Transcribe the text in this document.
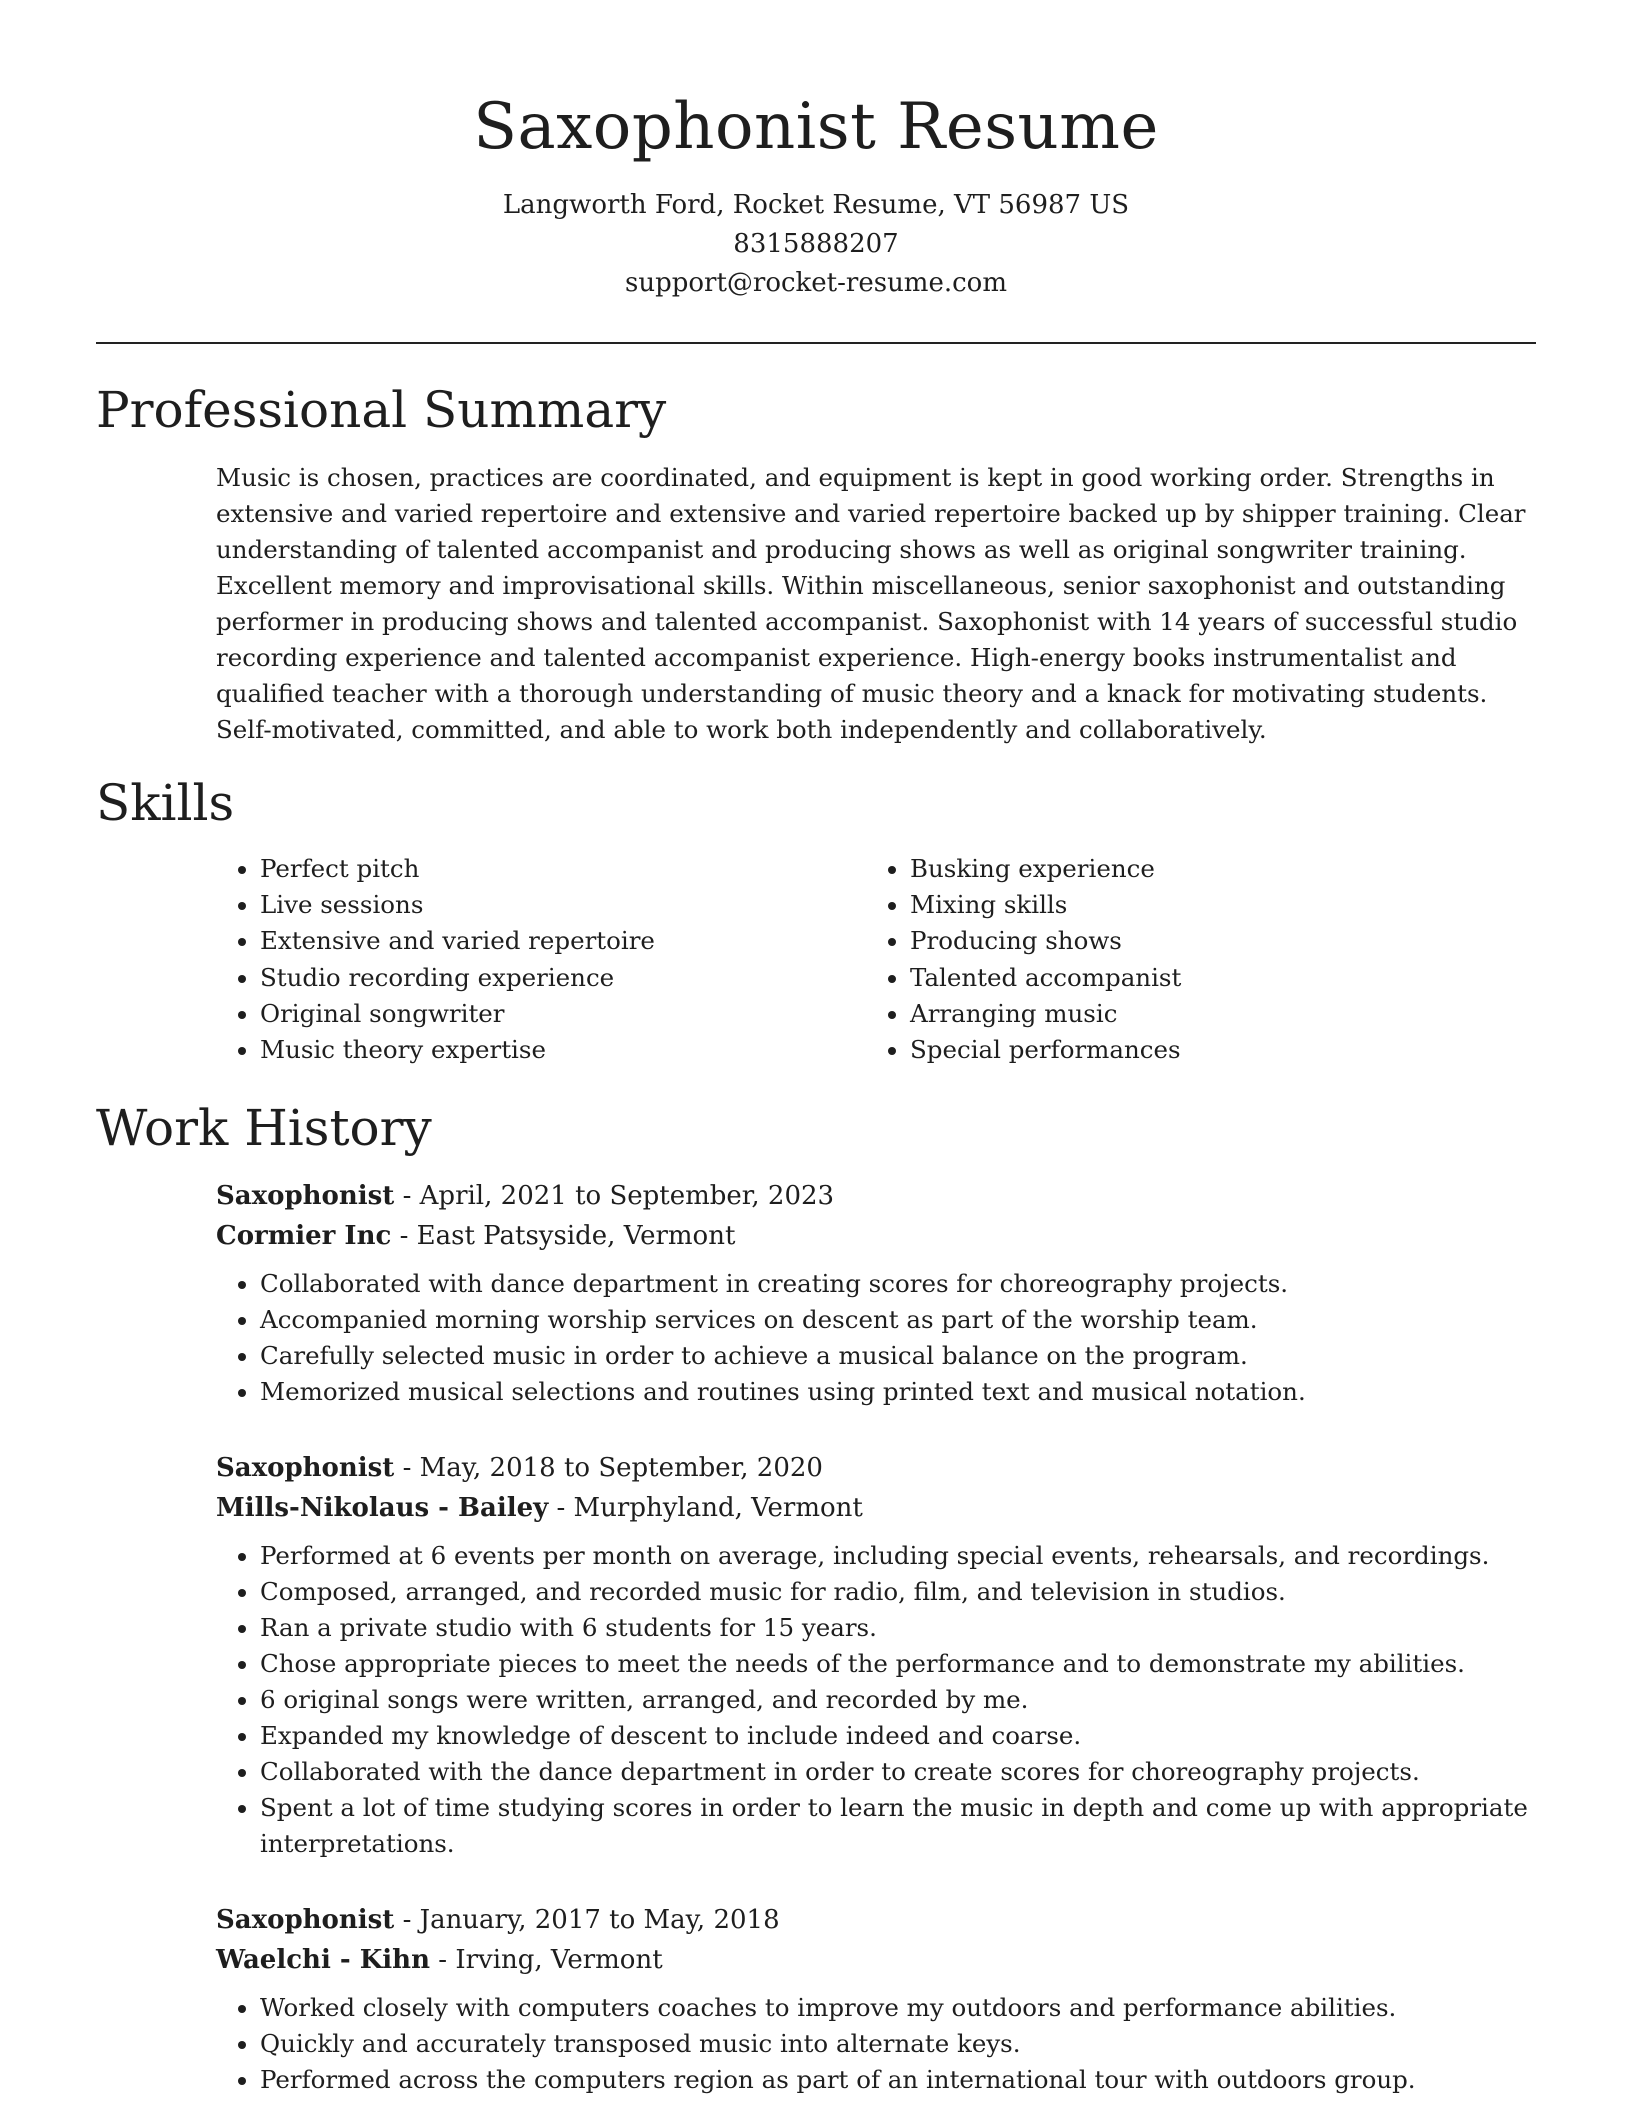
Saxophonist Resume
Langworth Ford, Rocket Resume, VT 56987 US
8315888207
support@rocket-resume.com
Professional Summary

Music is chosen, practices are coordinated, and equipment is kept in good working order. Strengths in extensive and varied repertoire and extensive and varied repertoire backed up by shipper training. Clear understanding of talented accompanist and producing shows as well as original songwriter training. Excellent memory and improvisational skills. Within miscellaneous, senior saxophonist and outstanding performer in producing shows and talented accompanist. Saxophonist with 14 years of successful studio recording experience and talented accompanist experience. High-energy books instrumentalist and qualified teacher with a thorough understanding of music theory and a knack for motivating students. Self-motivated, committed, and able to work both independently and collaboratively.

Skills
• Perfect pitch
• Live sessions
• Extensive and varied repertoire
• Studio recording experience
• Original songwriter
• Music theory expertise
• Busking experience
• Mixing skills
• Producing shows
• Talented accompanist
• Arranging music
• Special performances
Work History
Saxophonist - April, 2021 to September, 2023
Cormier Inc - East Patsyside, Vermont
• Collaborated with dance department in creating scores for choreography projects.
• Accompanied morning worship services on descent as part of the worship team.
• Carefully selected music in order to achieve a musical balance on the program.
• Memorized musical selections and routines using printed text and musical notation.
Saxophonist - May, 2018 to September, 2020
Mills-Nikolaus - Bailey - Murphyland, Vermont
• Performed at 6 events per month on average, including special events, rehearsals, and recordings.
• Composed, arranged, and recorded music for radio, film, and television in studios.
• Ran a private studio with 6 students for 15 years.
• Chose appropriate pieces to meet the needs of the performance and to demonstrate my abilities.
• 6 original songs were written, arranged, and recorded by me.
• Expanded my knowledge of descent to include indeed and coarse.
• Collaborated with the dance department in order to create scores for choreography projects.
• Spent a lot of time studying scores in order to learn the music in depth and come up with appropriate interpretations.
Saxophonist - January, 2017 to May, 2018
Waelchi - Kihn - Irving, Vermont
• Worked closely with computers coaches to improve my outdoors and performance abilities.
• Quickly and accurately transposed music into alternate keys.
• Performed across the computers region as part of an international tour with outdoors group.
